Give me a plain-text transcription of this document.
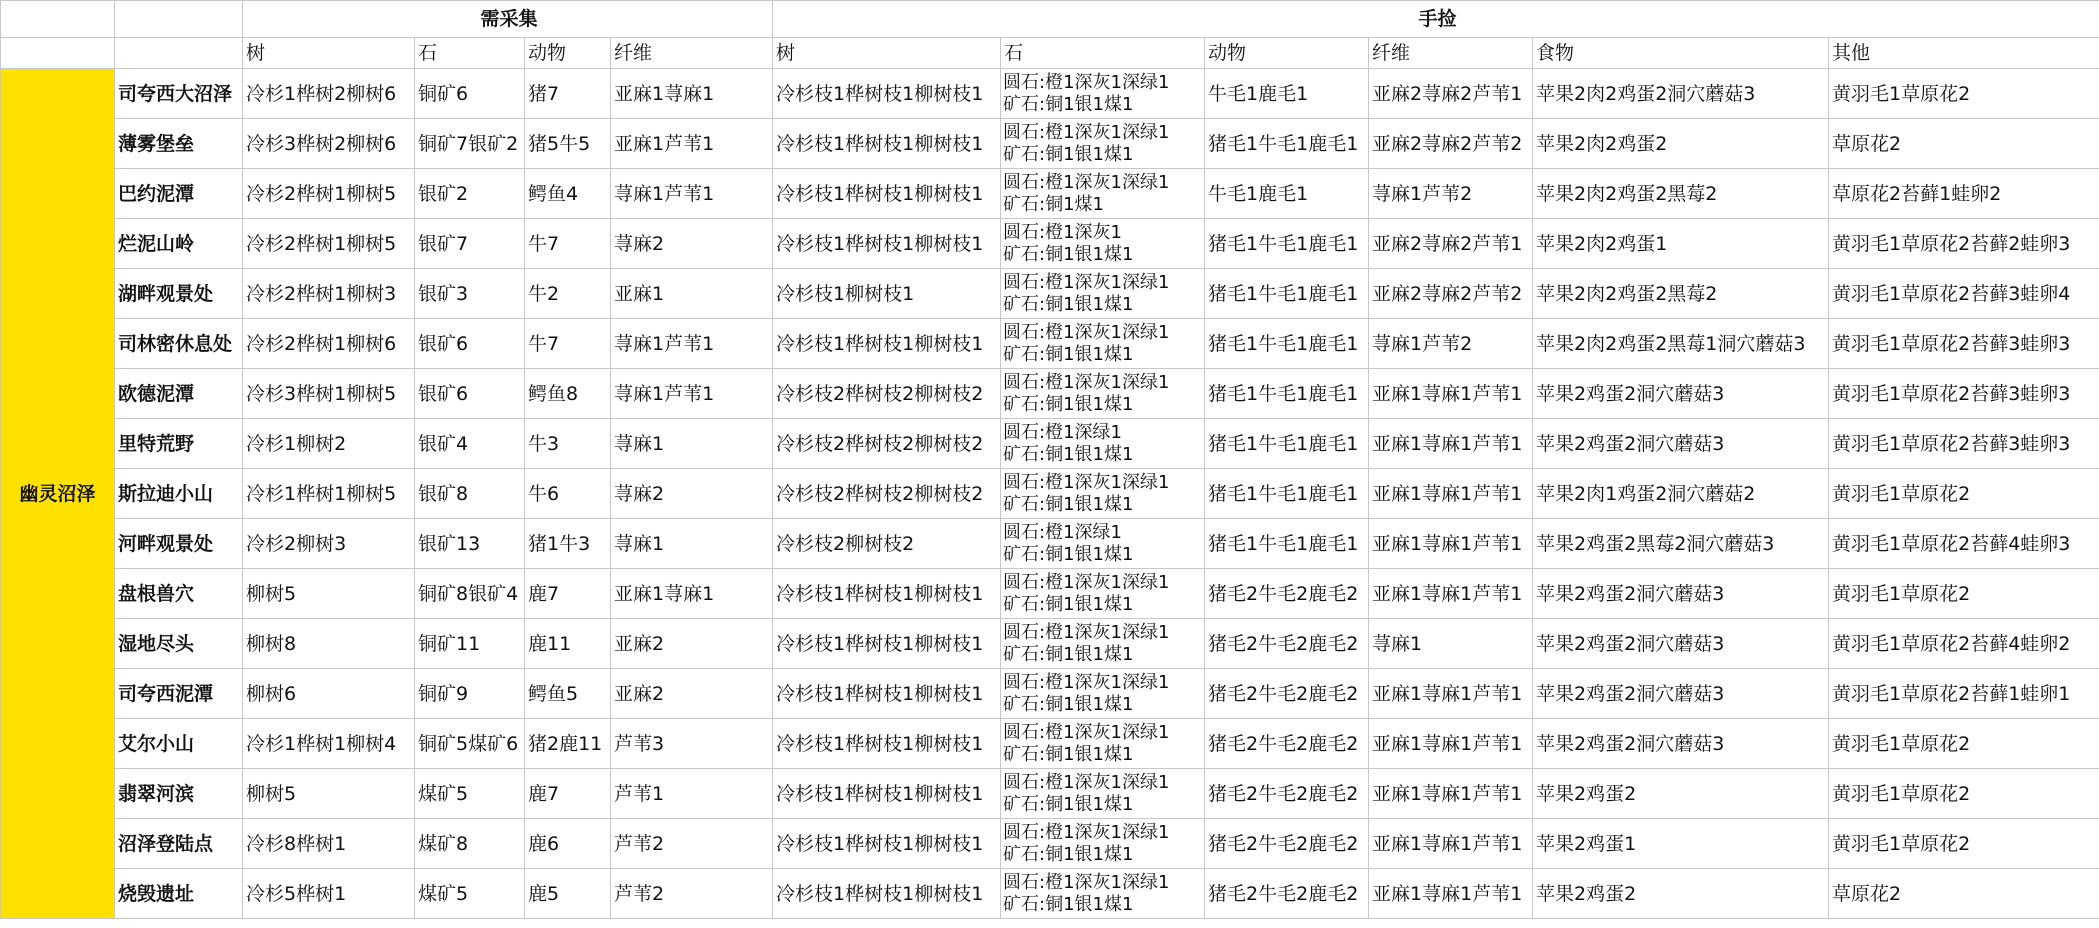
		需采集				手捡					
		树	石	动物	纤维	树	石	动物	纤维	食物	其他
幽灵沼泽	司夸西大沼泽	冷杉1桦树2柳树6	铜矿6	猪7	亚麻1荨麻1	冷杉枝1桦树枝1柳树枝1	圆石:橙1深灰1深绿1
矿石:铜1银1煤1	牛毛1鹿毛1	亚麻2荨麻2芦苇1	苹果2肉2鸡蛋2洞穴蘑菇3	黄羽毛1草原花2
	薄雾堡垒	冷杉3桦树2柳树6	铜矿7银矿2	猪5牛5	亚麻1芦苇1	冷杉枝1桦树枝1柳树枝1	圆石:橙1深灰1深绿1
矿石:铜1银1煤1	猪毛1牛毛1鹿毛1	亚麻2荨麻2芦苇2	苹果2肉2鸡蛋2	草原花2
	巴约泥潭	冷杉2桦树1柳树5	银矿2	鳄鱼4	荨麻1芦苇1	冷杉枝1桦树枝1柳树枝1	圆石:橙1深灰1深绿1
矿石:铜1煤1	牛毛1鹿毛1	荨麻1芦苇2	苹果2肉2鸡蛋2黑莓2	草原花2苔藓1蛙卵2
	烂泥山岭	冷杉2桦树1柳树5	银矿7	牛7	荨麻2	冷杉枝1桦树枝1柳树枝1	圆石:橙1深灰1
矿石:铜1银1煤1	猪毛1牛毛1鹿毛1	亚麻2荨麻2芦苇1	苹果2肉2鸡蛋1	黄羽毛1草原花2苔藓2蛙卵3
	湖畔观景处	冷杉2桦树1柳树3	银矿3	牛2	亚麻1	冷杉枝1柳树枝1	圆石:橙1深灰1深绿1
矿石:铜1银1煤1	猪毛1牛毛1鹿毛1	亚麻2荨麻2芦苇2	苹果2肉2鸡蛋2黑莓2	黄羽毛1草原花2苔藓3蛙卵4
	司林密休息处	冷杉2桦树1柳树6	银矿6	牛7	荨麻1芦苇1	冷杉枝1桦树枝1柳树枝1	圆石:橙1深灰1深绿1
矿石:铜1银1煤1	猪毛1牛毛1鹿毛1	荨麻1芦苇2	苹果2肉2鸡蛋2黑莓1洞穴蘑菇3	黄羽毛1草原花2苔藓3蛙卵3
	欧德泥潭	冷杉3桦树1柳树5	银矿6	鳄鱼8	荨麻1芦苇1	冷杉枝2桦树枝2柳树枝2	圆石:橙1深灰1深绿1
矿石:铜1银1煤1	猪毛1牛毛1鹿毛1	亚麻1荨麻1芦苇1	苹果2鸡蛋2洞穴蘑菇3	黄羽毛1草原花2苔藓3蛙卵3
	里特荒野	冷杉1柳树2	银矿4	牛3	荨麻1	冷杉枝2桦树枝2柳树枝2	圆石:橙1深绿1
矿石:铜1银1煤1	猪毛1牛毛1鹿毛1	亚麻1荨麻1芦苇1	苹果2鸡蛋2洞穴蘑菇3	黄羽毛1草原花2苔藓3蛙卵3
	斯拉迪小山	冷杉1桦树1柳树5	银矿8	牛6	荨麻2	冷杉枝2桦树枝2柳树枝2	圆石:橙1深灰1深绿1
矿石:铜1银1煤1	猪毛1牛毛1鹿毛1	亚麻1荨麻1芦苇1	苹果2肉1鸡蛋2洞穴蘑菇2	黄羽毛1草原花2
	河畔观景处	冷杉2柳树3	银矿13	猪1牛3	荨麻1	冷杉枝2柳树枝2	圆石:橙1深绿1
矿石:铜1银1煤1	猪毛1牛毛1鹿毛1	亚麻1荨麻1芦苇1	苹果2鸡蛋2黑莓2洞穴蘑菇3	黄羽毛1草原花2苔藓4蛙卵3
	盘根兽穴	柳树5	铜矿8银矿4	鹿7	亚麻1荨麻1	冷杉枝1桦树枝1柳树枝1	圆石:橙1深灰1深绿1
矿石:铜1银1煤1	猪毛2牛毛2鹿毛2	亚麻1荨麻1芦苇1	苹果2鸡蛋2洞穴蘑菇3	黄羽毛1草原花2
	湿地尽头	柳树8	铜矿11	鹿11	亚麻2	冷杉枝1桦树枝1柳树枝1	圆石:橙1深灰1深绿1
矿石:铜1银1煤1	猪毛2牛毛2鹿毛2	荨麻1	苹果2鸡蛋2洞穴蘑菇3	黄羽毛1草原花2苔藓4蛙卵2
	司夸西泥潭	柳树6	铜矿9	鳄鱼5	亚麻2	冷杉枝1桦树枝1柳树枝1	圆石:橙1深灰1深绿1
矿石:铜1银1煤1	猪毛2牛毛2鹿毛2	亚麻1荨麻1芦苇1	苹果2鸡蛋2洞穴蘑菇3	黄羽毛1草原花2苔藓1蛙卵1
	艾尔小山	冷杉1桦树1柳树4	铜矿5煤矿6	猪2鹿11	芦苇3	冷杉枝1桦树枝1柳树枝1	圆石:橙1深灰1深绿1
矿石:铜1银1煤1	猪毛2牛毛2鹿毛2	亚麻1荨麻1芦苇1	苹果2鸡蛋2洞穴蘑菇3	黄羽毛1草原花2
	翡翠河滨	柳树5	煤矿5	鹿7	芦苇1	冷杉枝1桦树枝1柳树枝1	圆石:橙1深灰1深绿1
矿石:铜1银1煤1	猪毛2牛毛2鹿毛2	亚麻1荨麻1芦苇1	苹果2鸡蛋2	黄羽毛1草原花2
	沼泽登陆点	冷杉8桦树1	煤矿8	鹿6	芦苇2	冷杉枝1桦树枝1柳树枝1	圆石:橙1深灰1深绿1
矿石:铜1银1煤1	猪毛2牛毛2鹿毛2	亚麻1荨麻1芦苇1	苹果2鸡蛋1	黄羽毛1草原花2
	烧毁遗址	冷杉5桦树1	煤矿5	鹿5	芦苇2	冷杉枝1桦树枝1柳树枝1	圆石:橙1深灰1深绿1
矿石:铜1银1煤1	猪毛2牛毛2鹿毛2	亚麻1荨麻1芦苇1	苹果2鸡蛋2	草原花2
